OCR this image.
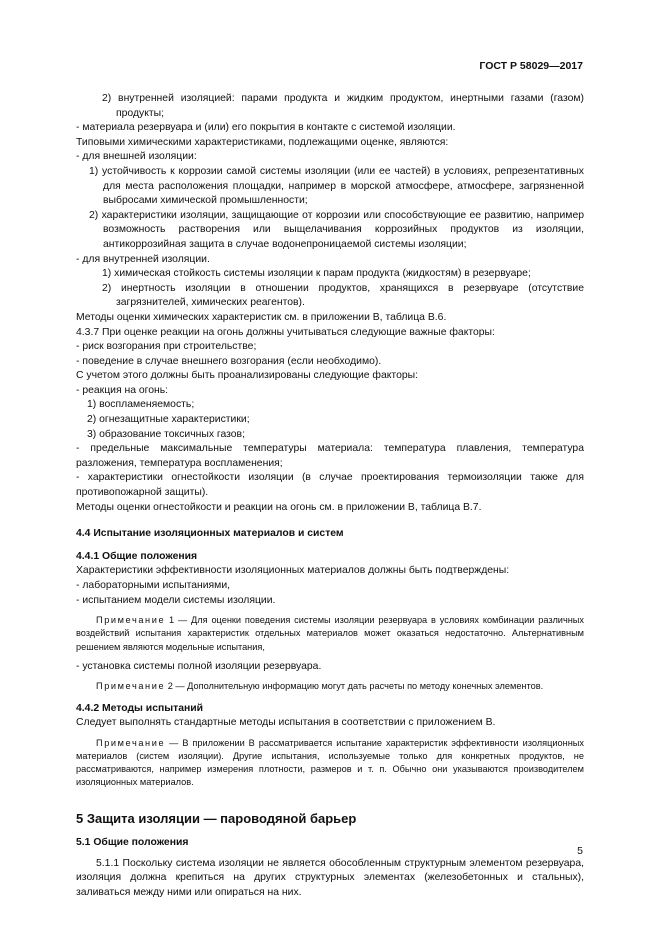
ГОСТ Р 58029—2017

2) внутренней изоляцией: парами продукта и жидким продуктом, инертными газами (газом) продукты;

- материала резервуара и (или) его покрытия в контакте с системой изоляции.

Типовыми химическими характеристиками, подлежащими оценке, являются:

- для внешней изоляции:

1) устойчивость к коррозии самой системы изоляции (или ее частей) в условиях, репрезентативных для места расположения площадки, например в морской атмосфере, атмосфере, загрязненной выбросами химической промышленности;

2) характеристики изоляции, защищающие от коррозии или способствующие ее развитию, например возможность растворения или выщелачивания коррозийных продуктов из изоляции, антикоррозийная защита в случае водонепроницаемой системы изоляции;

- для внутренней изоляции.

1) химическая стойкость системы изоляции к парам продукта (жидкостям) в резервуаре;

2) инертность изоляции в отношении продуктов, хранящихся в резервуаре (отсутствие загрязнителей, химических реагентов).

Методы оценки химических характеристик см. в приложении В, таблица В.6.

4.3.7 При оценке реакции на огонь должны учитываться следующие важные факторы:

- риск возгорания при строительстве;

- поведение в случае внешнего возгорания (если необходимо).

С учетом этого должны быть проанализированы следующие факторы:

- реакция на огонь:

1) воспламеняемость;

2) огнезащитные характеристики;

3) образование токсичных газов;

- предельные максимальные температуры материала: температура плавления, температура разложения, температура воспламенения;

- характеристики огнестойкости изоляции (в случае проектирования термоизоляции также для противопожарной защиты).

Методы оценки огнестойкости и реакции на огонь см. в приложении В, таблица В.7.

4.4 Испытание изоляционных материалов и систем

4.4.1 Общие положения

Характеристики эффективности изоляционных материалов должны быть подтверждены:

- лабораторными испытаниями,

- испытанием модели системы изоляции.

Примечание 1 — Для оценки поведения системы изоляции резервуара в условиях комбинации различных воздействий испытания характеристик отдельных материалов может оказаться недостаточно. Альтернативным решением являются модельные испытания,

- установка системы полной изоляции резервуара.

Примечание 2 — Дополнительную информацию могут дать расчеты по методу конечных элементов.

4.4.2 Методы испытаний

Следует выполнять стандартные методы испытания в соответствии с приложением В.

Примечание — В приложении В рассматривается испытание характеристик эффективности изоляционных материалов (систем изоляции). Другие испытания, используемые только для конкретных продуктов, не рассматриваются, например измерения плотности, размеров и т. п. Обычно они указываются производителем изоляционных материалов.

5 Защита изоляции — пароводяной барьер

5.1 Общие положения

5.1.1 Поскольку система изоляции не является обособленным структурным элементом резервуара, изоляция должна крепиться на других структурных элементах (железобетонных и стальных), заливаться между ними или опираться на них.

5
